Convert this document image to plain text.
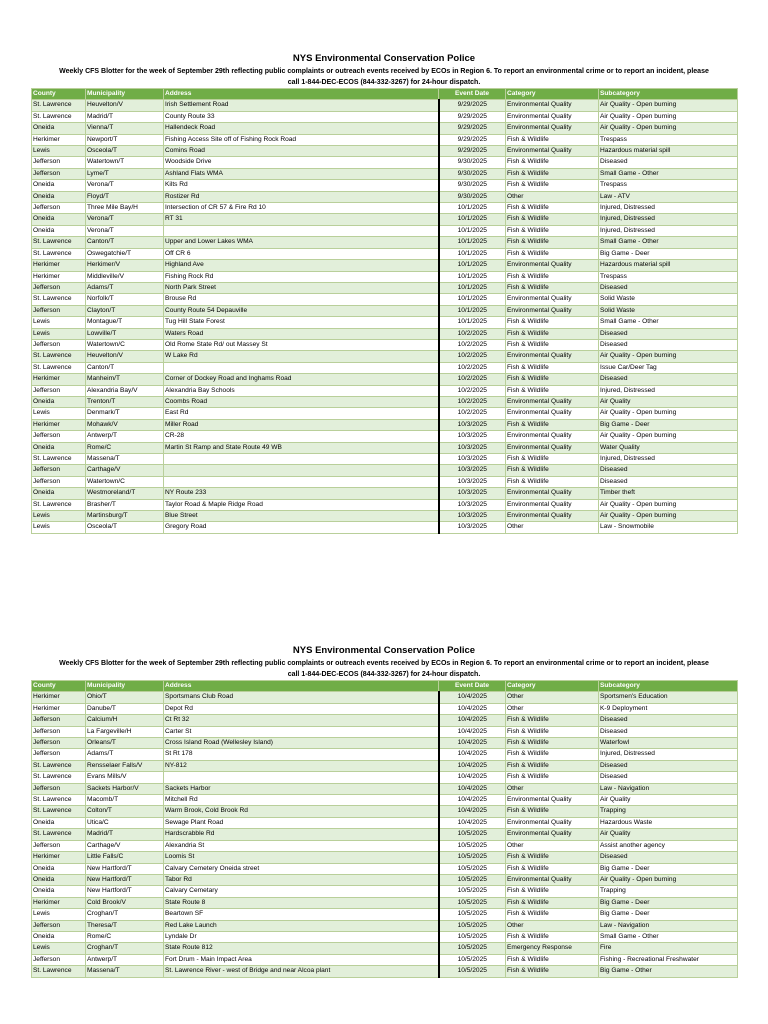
NYS Environmental Conservation Police
Weekly CFS Blotter for the week of September 29th reflecting public complaints or outreach events received by ECOs in Region 6. To report an environmental crime or to report an incident, please
call 1-844-DEC-ECOS (844-332-3267) for 24-hour dispatch.
County	Municipality	Address	Event Date	Category	Subcategory
St. Lawrence	Heuvelton/V	Irish Settlement Road	9/29/2025	Environmental Quality	Air Quality - Open burning
St. Lawrence	Madrid/T	County Route 33	9/29/2025	Environmental Quality	Air Quality - Open burning
Oneida	Vienna/T	Hallendeck Road	9/29/2025	Environmental Quality	Air Quality - Open burning
Herkimer	Newport/T	Fishing Access Site off of Fishing Rock Road	9/29/2025	Fish & Wildlife	Trespass
Lewis	Osceola/T	Comins Road	9/29/2025	Environmental Quality	Hazardous material spill
Jefferson	Watertown/T	Woodside Drive	9/30/2025	Fish & Wildlife	Diseased
Jefferson	Lyme/T	Ashland Flats WMA	9/30/2025	Fish & Wildlife	Small Game - Other
Oneida	Verona/T	Kilts Rd	9/30/2025	Fish & Wildlife	Trespass
Oneida	Floyd/T	Rostizer Rd	9/30/2025	Other	Law - ATV
Jefferson	Three Mile Bay/H	Intersection of CR 57 & Fire Rd 10	10/1/2025	Fish & Wildlife	Injured, Distressed
Oneida	Verona/T	RT 31	10/1/2025	Fish & Wildlife	Injured, Distressed
Oneida	Verona/T		10/1/2025	Fish & Wildlife	Injured, Distressed
St. Lawrence	Canton/T	Upper and Lower Lakes WMA	10/1/2025	Fish & Wildlife	Small Game - Other
St. Lawrence	Oswegatchie/T	Off CR 6	10/1/2025	Fish & Wildlife	Big Game - Deer
Herkimer	Herkimer/V	Highland Ave	10/1/2025	Environmental Quality	Hazardous material spill
Herkimer	Middleville/V	Fishing Rock Rd	10/1/2025	Fish & Wildlife	Trespass
Jefferson	Adams/T	North Park Street	10/1/2025	Fish & Wildlife	Diseased
St. Lawrence	Norfolk/T	Brouse Rd	10/1/2025	Environmental Quality	Solid Waste
Jefferson	Clayton/T	County Route 54 Depauville	10/1/2025	Environmental Quality	Solid Waste
Lewis	Montague/T	Tug Hill State Forest	10/1/2025	Fish & Wildlife	Small Game - Other
Lewis	Lowville/T	Waters Road	10/2/2025	Fish & Wildlife	Diseased
Jefferson	Watertown/C	Old Rome State Rd/ out Massey St	10/2/2025	Fish & Wildlife	Diseased
St. Lawrence	Heuvelton/V	W Lake Rd	10/2/2025	Environmental Quality	Air Quality - Open burning
St. Lawrence	Canton/T		10/2/2025	Fish & Wildlife	Issue Car/Deer Tag
Herkimer	Manheim/T	Corner of Dockey Road and Inghams Road	10/2/2025	Fish & Wildlife	Diseased
Jefferson	Alexandria Bay/V	Alexandria Bay Schools	10/2/2025	Fish & Wildlife	Injured, Distressed
Oneida	Trenton/T	Coombs Road	10/2/2025	Environmental Quality	Air Quality
Lewis	Denmark/T	East Rd	10/2/2025	Environmental Quality	Air Quality - Open burning
Herkimer	Mohawk/V	Miller Road	10/3/2025	Fish & Wildlife	Big Game - Deer
Jefferson	Antwerp/T	CR-28	10/3/2025	Environmental Quality	Air Quality - Open burning
Oneida	Rome/C	Martin St Ramp and State Route 49 WB	10/3/2025	Environmental Quality	Water Quality
St. Lawrence	Massena/T		10/3/2025	Fish & Wildlife	Injured, Distressed
Jefferson	Carthage/V		10/3/2025	Fish & Wildlife	Diseased
Jefferson	Watertown/C		10/3/2025	Fish & Wildlife	Diseased
Oneida	Westmoreland/T	NY Route 233	10/3/2025	Environmental Quality	Timber theft
St. Lawrence	Brasher/T	Taylor Road & Maple Ridge Road	10/3/2025	Environmental Quality	Air Quality - Open burning
Lewis	Martinsburg/T	Blue Street	10/3/2025	Environmental Quality	Air Quality - Open burning
Lewis	Osceola/T	Gregory Road	10/3/2025	Other	Law - Snowmobile
NYS Environmental Conservation Police
Weekly CFS Blotter for the week of September 29th reflecting public complaints or outreach events received by ECOs in Region 6. To report an environmental crime or to report an incident, please
call 1-844-DEC-ECOS (844-332-3267) for 24-hour dispatch.
County	Municipality	Address	Event Date	Category	Subcategory
Herkimer	Ohio/T	Sportsmans Club Road	10/4/2025	Other	Sportsmen's Education
Herkimer	Danube/T	Depot Rd	10/4/2025	Other	K-9 Deployment
Jefferson	Calcium/H	Ct Rt 32	10/4/2025	Fish & Wildlife	Diseased
Jefferson	La Fargeville/H	Carter St	10/4/2025	Fish & Wildlife	Diseased
Jefferson	Orleans/T	Cross Island Road (Wellesley Island)	10/4/2025	Fish & Wildlife	Waterfowl
Jefferson	Adams/T	St Rt 178	10/4/2025	Fish & Wildlife	Injured, Distressed
St. Lawrence	Rensselaer Falls/V	NY-812	10/4/2025	Fish & Wildlife	Diseased
St. Lawrence	Evans Mills/V		10/4/2025	Fish & Wildlife	Diseased
Jefferson	Sackets Harbor/V	Sackets Harbor	10/4/2025	Other	Law - Navigation
St. Lawrence	Macomb/T	Mitchell Rd	10/4/2025	Environmental Quality	Air Quality
St. Lawrence	Colton/T	Warm Brook, Cold Brook Rd	10/4/2025	Fish & Wildlife	Trapping
Oneida	Utica/C	Sewage Plant Road	10/4/2025	Environmental Quality	Hazardous Waste
St. Lawrence	Madrid/T	Hardscrabble Rd	10/5/2025	Environmental Quality	Air Quality
Jefferson	Carthage/V	Alexandria St	10/5/2025	Other	Assist another agency
Herkimer	Little Falls/C	Loomis St	10/5/2025	Fish & Wildlife	Diseased
Oneida	New Hartford/T	Calvary Cemetery Oneida street	10/5/2025	Fish & Wildlife	Big Game - Deer
Oneida	New Hartford/T	Tabor Rd	10/5/2025	Environmental Quality	Air Quality - Open burning
Oneida	New Hartford/T	Calvary Cemetary	10/5/2025	Fish & Wildlife	Trapping
Herkimer	Cold Brook/V	State Route 8	10/5/2025	Fish & Wildlife	Big Game - Deer
Lewis	Croghan/T	Beartown SF	10/5/2025	Fish & Wildlife	Big Game - Deer
Jefferson	Theresa/T	Red Lake Launch	10/5/2025	Other	Law - Navigation
Oneida	Rome/C	Lyndale Dr	10/5/2025	Fish & Wildlife	Small Game - Other
Lewis	Croghan/T	State Route 812	10/5/2025	Emergency Response	Fire
Jefferson	Antwerp/T	Fort Drum - Main Impact Area	10/5/2025	Fish & Wildlife	Fishing - Recreational Freshwater
St. Lawrence	Massena/T	St. Lawrence River - west of Bridge and near Alcoa plant	10/5/2025	Fish & Wildlife	Big Game - Other
